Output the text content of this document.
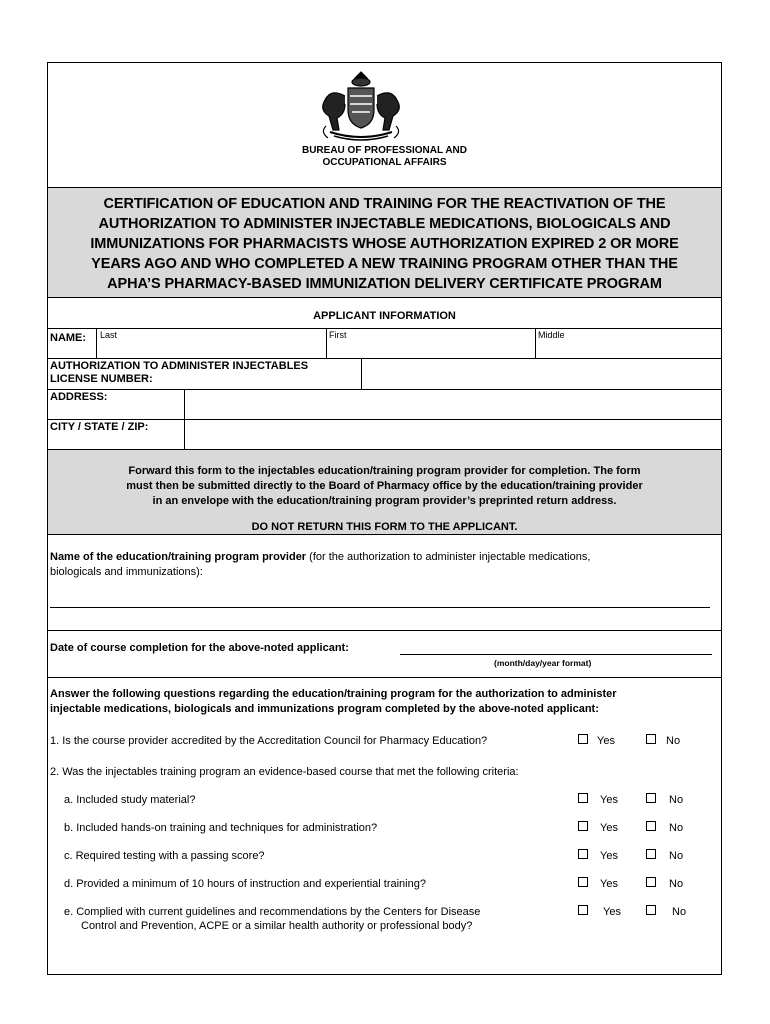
BUREAU OF PROFESSIONAL AND
OCCUPATIONAL AFFAIRS
CERTIFICATION OF EDUCATION AND TRAINING FOR THE REACTIVATION OF THE
AUTHORIZATION TO ADMINISTER INJECTABLE MEDICATIONS, BIOLOGICALS AND
IMMUNIZATIONS FOR PHARMACISTS WHOSE AUTHORIZATION EXPIRED 2 OR MORE
YEARS AGO AND WHO COMPLETED A NEW TRAINING PROGRAM OTHER THAN THE
APHA’S PHARMACY-BASED IMMUNIZATION DELIVERY CERTIFICATE PROGRAM
APPLICANT INFORMATION
NAME: Last	First	Middle
AUTHORIZATION TO ADMINISTER INJECTABLES
LICENSE NUMBER:
ADDRESS:
CITY / STATE / ZIP:
Forward this form to the injectables education/training program provider for completion. The form
must then be submitted directly to the Board of Pharmacy office by the education/training provider
in an envelope with the education/training program provider’s preprinted return address.
DO NOT RETURN THIS FORM TO THE APPLICANT.
Name of the education/training program provider (for the authorization to administer injectable medications,
biologicals and immunizations):
Date of course completion for the above-noted applicant:
(month/day/year format)
Answer the following questions regarding the education/training program for the authorization to administer
injectable medications, biologicals and immunizations program completed by the above-noted applicant:
1. Is the course provider accredited by the Accreditation Council for Pharmacy Education?	Yes	No
2. Was the injectables training program an evidence-based course that met the following criteria:
a. Included study material?	Yes	No
b. Included hands-on training and techniques for administration?	Yes	No
c. Required testing with a passing score?	Yes	No
d. Provided a minimum of 10 hours of instruction and experiential training?	Yes	No
e. Complied with current guidelines and recommendations by the Centers for Disease
Control and Prevention, ACPE or a similar health authority or professional body?
Yes	No
